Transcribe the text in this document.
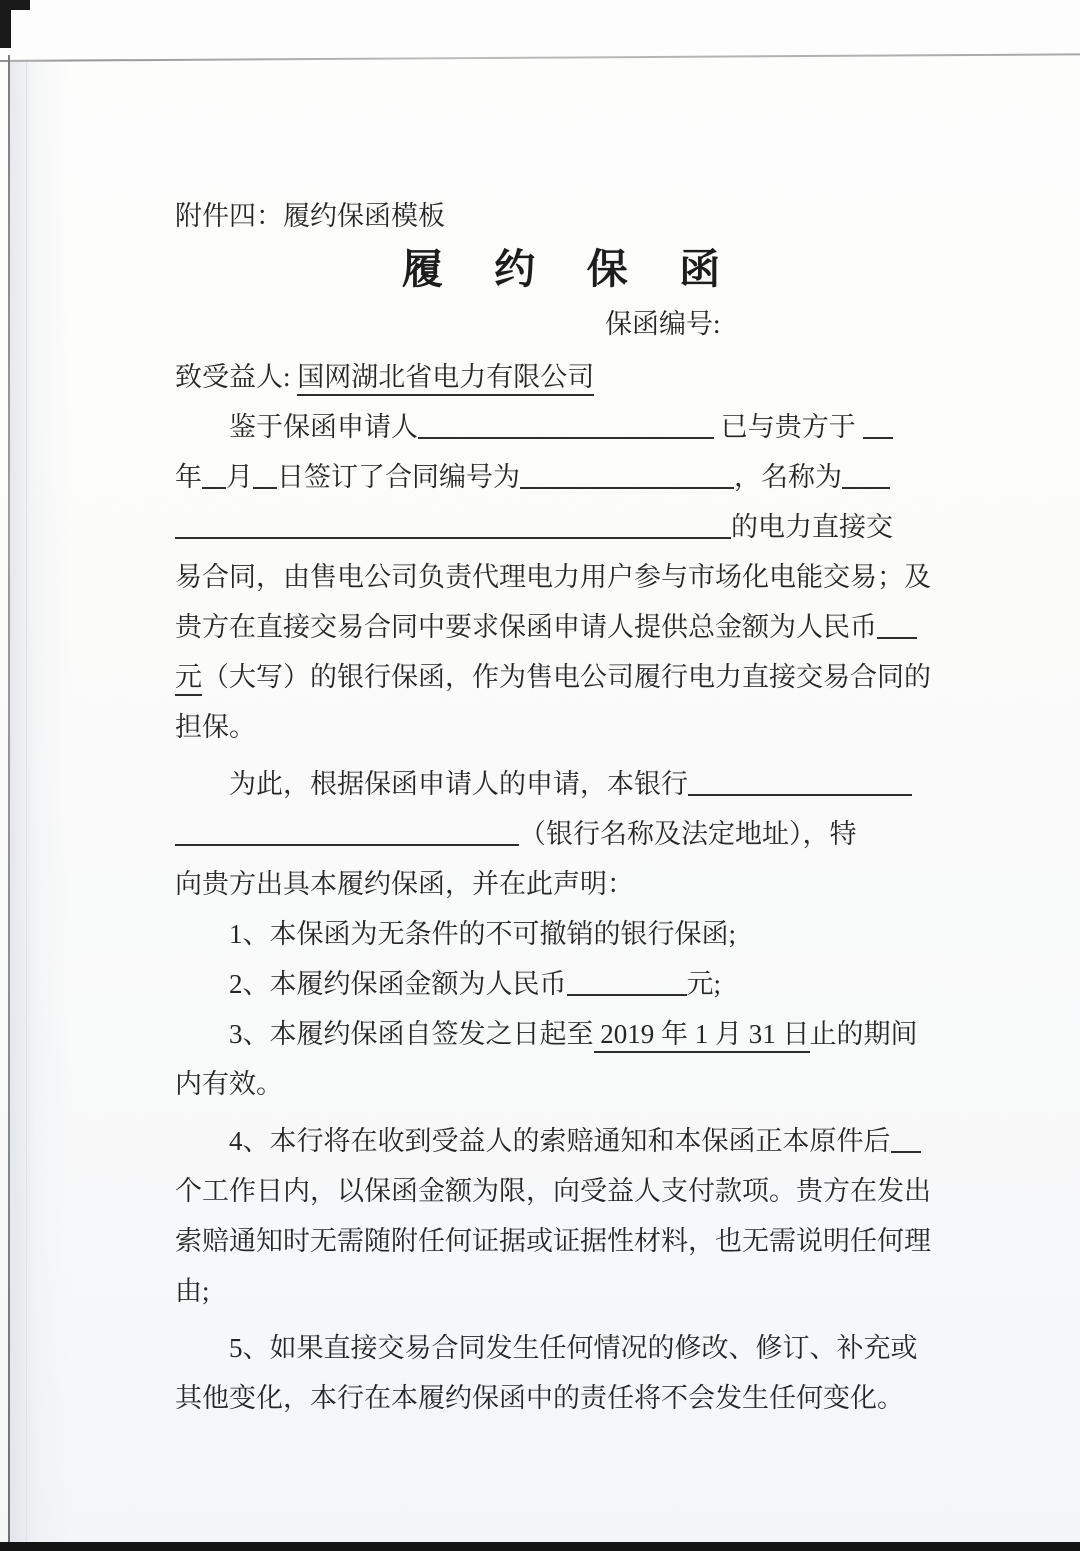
附件四：履约保函模板
履 约 保 函
保函编号:
致受益人: 国网湖北省电力有限公司
鉴于保函申请人	已与贵方于
年 月 日签订了合同编号为	，名称为
的电力直接交
易合同，由售电公司负责代理电力用户参与市场化电能交易；及
贵方在直接交易合同中要求保函申请人提供总金额为人民币
元（大写）的银行保函，作为售电公司履行电力直接交易合同的
担保。
为此，根据保函申请人的申请，本银行
（银行名称及法定地址），特
向贵方出具本履约保函，并在此声明：
1、本保函为无条件的不可撤销的银行保函;
2、本履约保函金额为人民币	元;
3、本履约保函自签发之日起至 2019 年 1 月 31 日止的期间
内有效。
4、本行将在收到受益人的索赔通知和本保函正本原件后
个工作日内，以保函金额为限，向受益人支付款项。贵方在发出
索赔通知时无需随附任何证据或证据性材料，也无需说明任何理
由;
5、如果直接交易合同发生任何情况的修改、修订、补充或
其他变化，本行在本履约保函中的责任将不会发生任何变化。
